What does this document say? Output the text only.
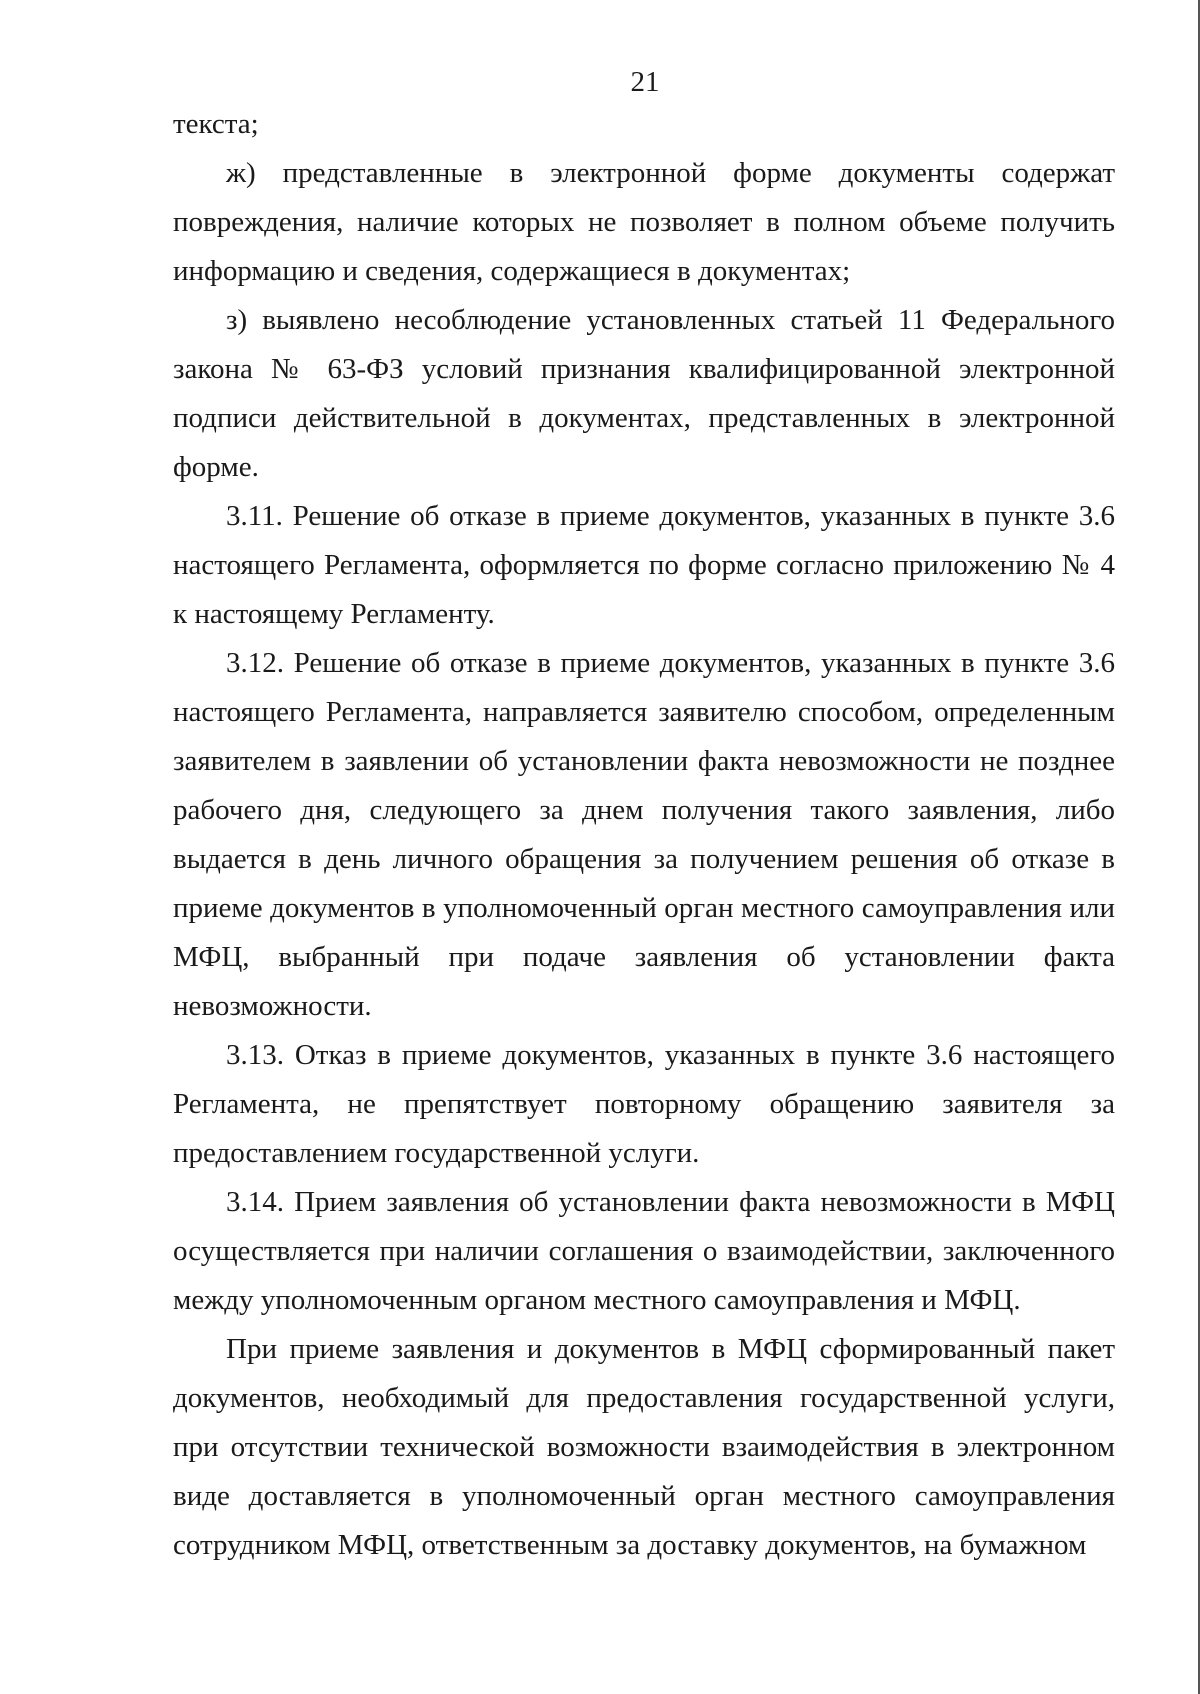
21

текста;

ж) представленные в электронной форме документы содержат повреждения, наличие которых не позволяет в полном объеме получить информацию и сведения, содержащиеся в документах;

з) выявлено несоблюдение установленных статьей 11 Федерального закона № 63-ФЗ условий признания квалифицированной электронной подписи действительной в документах, представленных в электронной форме.

3.11. Решение об отказе в приеме документов, указанных в пункте 3.6 настоящего Регламента, оформляется по форме согласно приложению № 4 к настоящему Регламенту.

3.12. Решение об отказе в приеме документов, указанных в пункте 3.6 настоящего Регламента, направляется заявителю способом, определенным заявителем в заявлении об установлении факта невозможности не позднее рабочего дня, следующего за днем получения такого заявления, либо выдается в день личного обращения за получением решения об отказе в приеме документов в уполномоченный орган местного самоуправления или МФЦ, выбранный при подаче заявления об установлении факта невозможности.

3.13. Отказ в приеме документов, указанных в пункте 3.6 настоящего Регламента, не препятствует повторному обращению заявителя за предоставлением государственной услуги.

3.14. Прием заявления об установлении факта невозможности в МФЦ осуществляется при наличии соглашения о взаимодействии, заключенного между уполномоченным органом местного самоуправления и МФЦ.

При приеме заявления и документов в МФЦ сформированный пакет документов, необходимый для предоставления государственной услуги, при отсутствии технической возможности взаимодействия в электронном виде доставляется в уполномоченный орган местного самоуправления сотрудником МФЦ, ответственным за доставку документов, на бумажном
